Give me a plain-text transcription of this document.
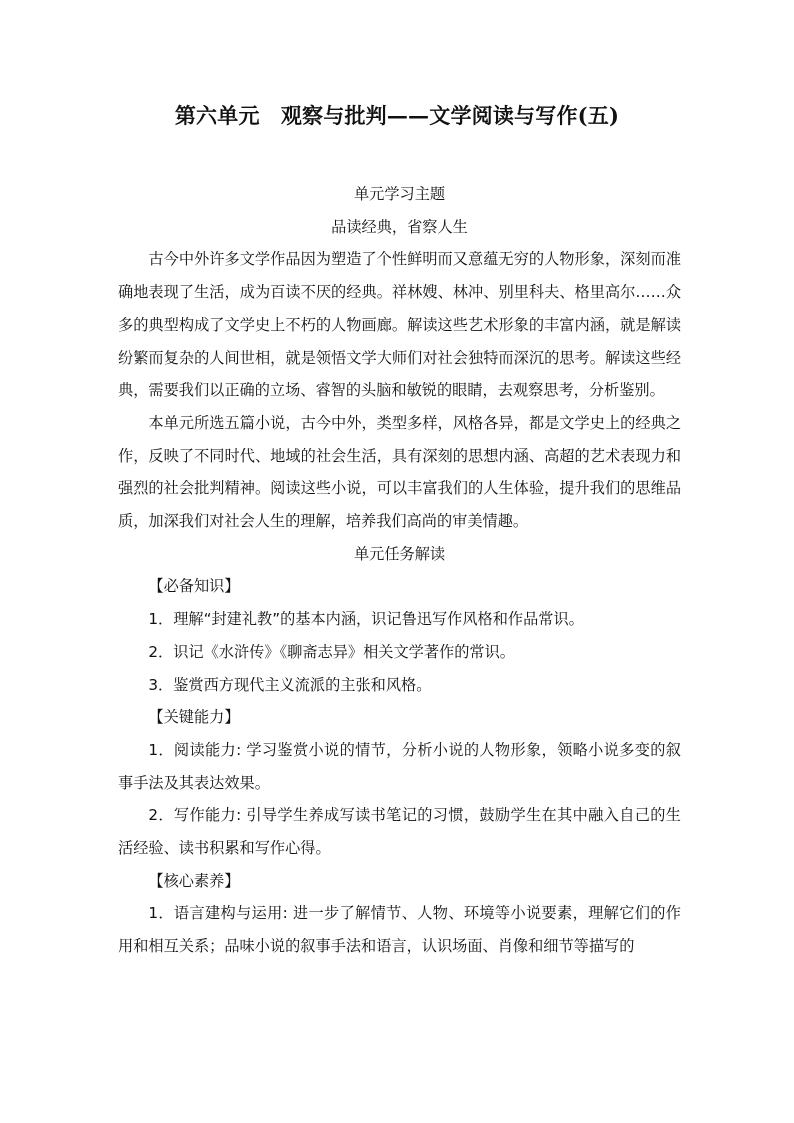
第六单元　观察与批判——文学阅读与写作(五)

单元学习主题

品读经典，省察人生

古今中外许多文学作品因为塑造了个性鲜明而又意蕴无穷的人物形象，深刻而准确地表现了生活，成为百读不厌的经典。祥林嫂、林冲、别里科夫、格里高尔……众多的典型构成了文学史上不朽的人物画廊。解读这些艺术形象的丰富内涵，就是解读纷繁而复杂的人间世相，就是领悟文学大师们对社会独特而深沉的思考。解读这些经典，需要我们以正确的立场、睿智的头脑和敏锐的眼睛，去观察思考，分析鉴别。

本单元所选五篇小说，古今中外，类型多样，风格各异，都是文学史上的经典之作，反映了不同时代、地域的社会生活，具有深刻的思想内涵、高超的艺术表现力和强烈的社会批判精神。阅读这些小说，可以丰富我们的人生体验，提升我们的思维品质，加深我们对社会人生的理解，培养我们高尚的审美情趣。

单元任务解读

【必备知识】

1．理解“封建礼教”的基本内涵，识记鲁迅写作风格和作品常识。

2．识记《水浒传》《聊斋志异》相关文学著作的常识。

3．鉴赏西方现代主义流派的主张和风格。

【关键能力】

1．阅读能力: 学习鉴赏小说的情节，分析小说的人物形象，领略小说多变的叙事手法及其表达效果。

2．写作能力: 引导学生养成写读书笔记的习惯，鼓励学生在其中融入自己的生活经验、读书积累和写作心得。

【核心素养】

1．语言建构与运用: 进一步了解情节、人物、环境等小说要素，理解它们的作用和相互关系；品味小说的叙事手法和语言，认识场面、肖像和细节等描写的
